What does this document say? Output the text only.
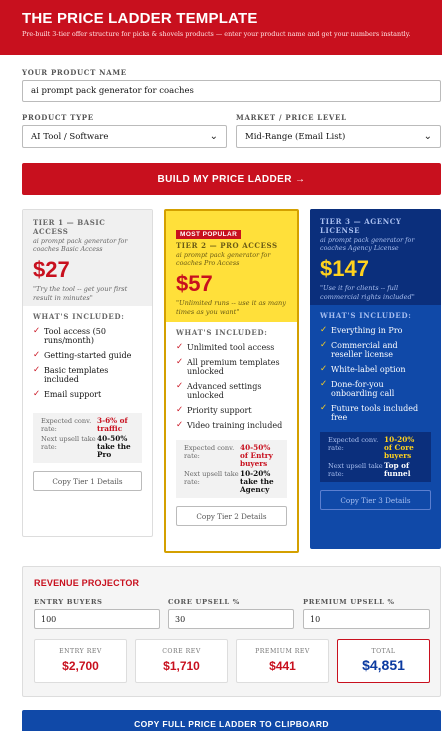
THE PRICE LADDER TEMPLATE

Pre-built 3-tier offer structure for picks & shovels products — enter your product name and get your numbers instantly.

YOUR PRODUCT NAME
ai prompt pack generator for coaches
PRODUCT TYPE
AI Tool / Software	⌄
MARKET / PRICE LEVEL
Mid-Range (Email List)	⌄
BUILD MY PRICE LADDER →
TIER 1 — BASIC ACCESS
ai prompt pack generator for coaches Basic Access
$27
"Try the tool -- get your first result in minutes"
WHAT'S INCLUDED:
✓ Tool access (50 runs/month)
✓ Getting-started guide
✓ Basic templates included
✓ Email support
Expected conv. rate:
3-6% of traffic
Next upsell take rate:
40-50% take the Pro
Copy Tier 1 Details
MOST POPULAR
TIER 2 — PRO ACCESS
ai prompt pack generator for coaches Pro Access
$57
"Unlimited runs -- use it as many times as you want"
WHAT'S INCLUDED:
✓ Unlimited tool access
✓ All premium templates unlocked
✓ Advanced settings unlocked
✓ Priority support
✓ Video training included
Expected conv. rate:
40-50% of Entry buyers
Next upsell take rate:
10-20% take the Agency
Copy Tier 2 Details
TIER 3 — AGENCY LICENSE
ai prompt pack generator for coaches Agency License
$147
"Use it for clients -- full commercial rights included"
WHAT'S INCLUDED:
✓ Everything in Pro
✓ Commercial and reseller license
✓ White-label option
✓ Done-for-you onboarding call
✓ Future tools included free
Expected conv. rate:
10-20% of Core buyers
Next upsell take rate:
Top of funnel
Copy Tier 3 Details
REVENUE PROJECTOR
ENTRY BUYERS
100
CORE UPSELL %
30
PREMIUM UPSELL %
10
ENTRY REV
$2,700
CORE REV
$1,710
PREMIUM REV
$441
TOTAL
$4,851
COPY FULL PRICE LADDER TO CLIPBOARD
